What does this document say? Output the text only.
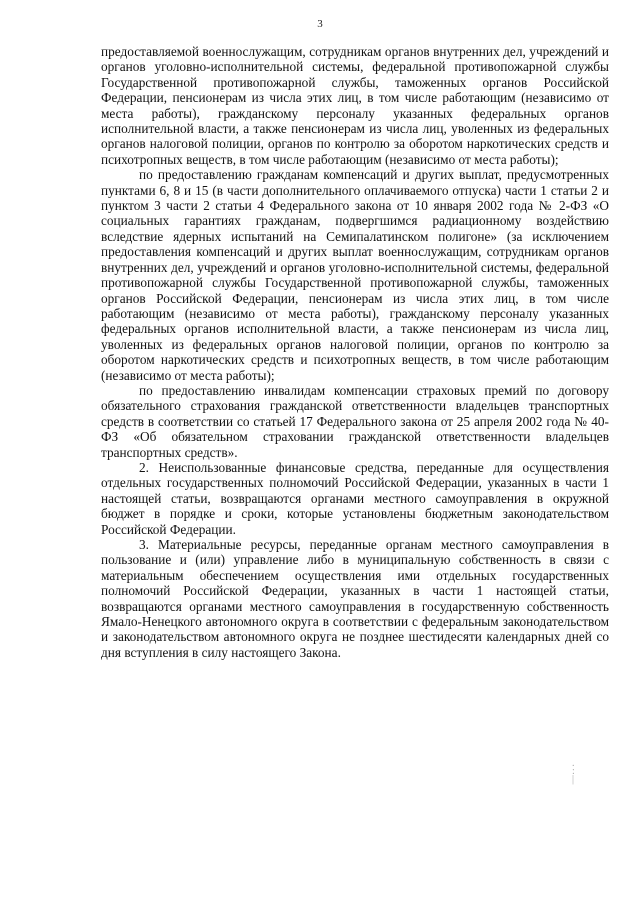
3

предоставляемой военнослужащим, сотрудникам органов внутренних дел, учреждений и органов уголовно-исполнительной системы, федеральной противопожарной службы Государственной противопожарной службы, таможенных органов Российской Федерации, пенсионерам из числа этих лиц, в том числе работающим (независимо от места работы), гражданскому персоналу указанных федеральных органов исполнительной власти, а также пенсионерам из числа лиц, уволенных из федеральных органов налоговой полиции, органов по контролю за оборотом наркотических средств и психотропных веществ, в том числе работающим (независимо от места работы);

по предоставлению гражданам компенсаций и других выплат, предусмотренных пунктами 6, 8 и 15 (в части дополнительного оплачиваемого отпуска) части 1 статьи 2 и пунктом 3 части 2 статьи 4 Федерального закона от 10 января 2002 года № 2-ФЗ «О социальных гарантиях гражданам, подвергшимся радиационному воздействию вследствие ядерных испытаний на Семипалатинском полигоне» (за исключением предоставления компенсаций и других выплат военнослужащим, сотрудникам органов внутренних дел, учреждений и органов уголовно-исполнительной системы, федеральной противопожарной службы Государственной противопожарной службы, таможенных органов Российской Федерации, пенсионерам из числа этих лиц, в том числе работающим (независимо от места работы), гражданскому персоналу указанных федеральных органов исполнительной власти, а также пенсионерам из числа лиц, уволенных из федеральных органов налоговой полиции, органов по контролю за оборотом наркотических средств и психотропных веществ, в том числе работающим (независимо от места работы);

по предоставлению инвалидам компенсации страховых премий по договору обязательного страхования гражданской ответственности владельцев транспортных средств в соответствии со статьей 17 Федерального закона от 25 апреля 2002 года № 40-ФЗ «Об обязательном страховании гражданской ответственности владельцев транспортных средств».

2. Неиспользованные финансовые средства, переданные для осуществления отдельных государственных полномочий Российской Федерации, указанных в части 1 настоящей статьи, возвращаются органами местного самоуправления в окружной бюджет в порядке и сроки, которые установлены бюджетным законодательством Российской Федерации.

3. Материальные ресурсы, переданные органам местного самоуправления в пользование и (или) управление либо в муниципальную собственность в связи с материальным обеспечением осуществления ими отдельных государственных полномочий Российской Федерации, указанных в части 1 настоящей статьи, возвращаются органами местного самоуправления в государственную собственность Ямало-Ненецкого автономного округа в соответствии с федеральным законодательством и законодательством автономного округа не позднее шестидесяти календарных дней со дня вступления в силу настоящего Закона.

.
:
|
